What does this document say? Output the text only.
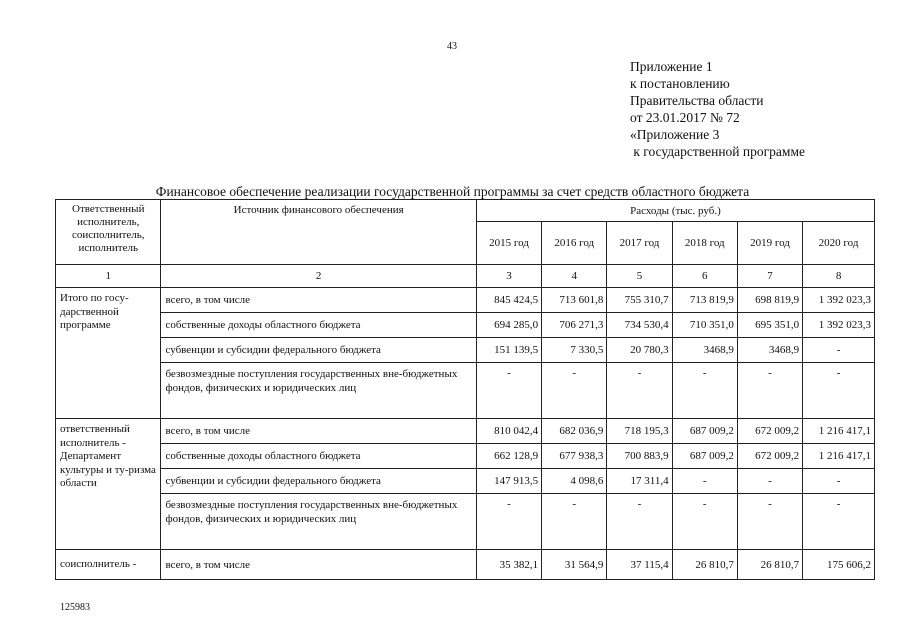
43
Приложение 1
к постановлению
Правительства области
от 23.01.2017 № 72
«Приложение 3
к государственной программе
Финансовое обеспечение реализации государственной программы за счет средств областного бюджета
Ответственный исполнитель, соисполнитель, исполнитель	Источник финансового обеспечения	Расходы (тыс. руб.)					
		2015 год	2016 год	2017 год	2018 год	2019 год	2020 год
1	2	3	4	5	6	7	8
Итого по госу-дарственной программе	всего, в том числе	845 424,5	713 601,8	755 310,7	713 819,9	698 819,9	1 392 023,3
	собственные доходы областного бюджета	694 285,0	706 271,3	734 530,4	710 351,0	695 351,0	1 392 023,3
	субвенции и субсидии федерального бюджета	151 139,5	7 330,5	20 780,3	3468,9	3468,9	-
	безвозмездные поступления государственных вне-бюджетных фондов, физических и юридических лиц	-	-	-	-	-	-
ответственный исполнитель - Департамент культуры и ту-ризма области	всего, в том числе	810 042,4	682 036,9	718 195,3	687 009,2	672 009,2	1 216 417,1
	собственные доходы областного бюджета	662 128,9	677 938,3	700 883,9	687 009,2	672 009,2	1 216 417,1
	субвенции и субсидии федерального бюджета	147 913,5	4 098,6	17 311,4	-	-	-
	безвозмездные поступления государственных вне-бюджетных фондов, физических и юридических лиц	-	-	-	-	-	-
соисполнитель -	всего, в том числе	35 382,1	31 564,9	37 115,4	26 810,7	26 810,7	175 606,2
125983
